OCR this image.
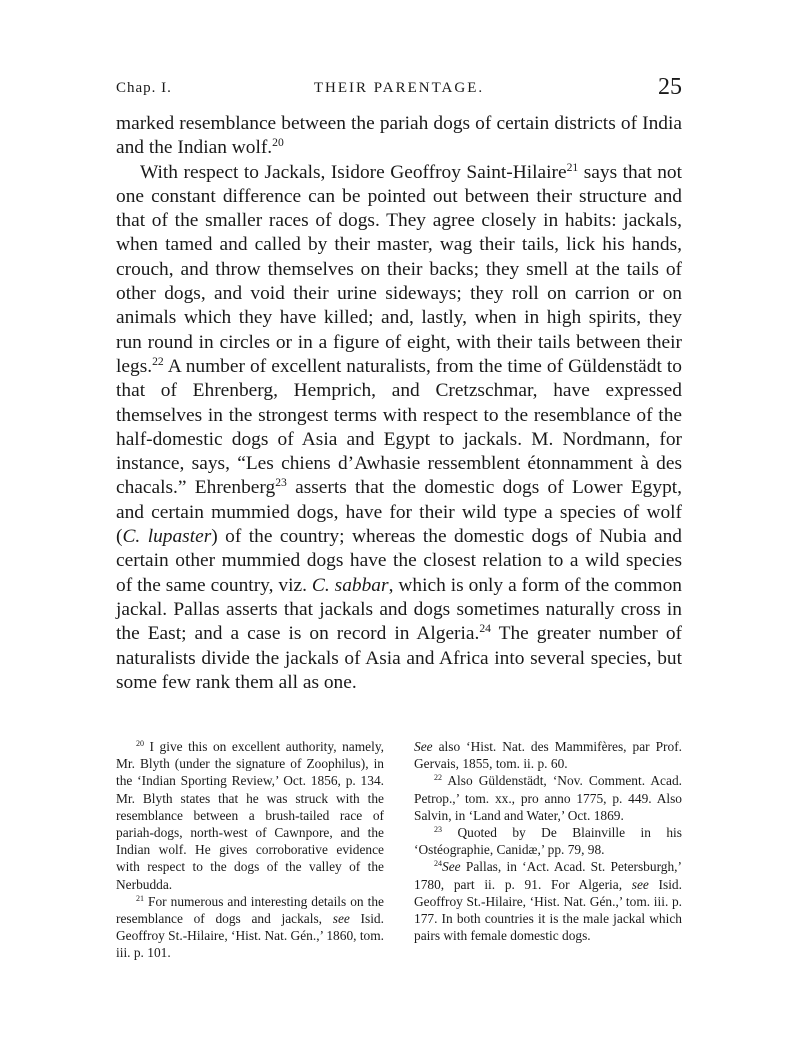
Chap. I.	THEIR PARENTAGE.	25

marked resemblance between the pariah dogs of certain districts of India and the Indian wolf.$^{20}$

With respect to Jackals, Isidore Geoffroy Saint-Hilaire$^{21}$ says that not one constant difference can be pointed out between their structure and that of the smaller races of dogs. They agree closely in habits: jackals, when tamed and called by their master, wag their tails, lick his hands, crouch, and throw themselves on their backs; they smell at the tails of other dogs, and void their urine sideways; they roll on carrion or on animals which they have killed; and, lastly, when in high spirits, they run round in circles or in a figure of eight, with their tails between their legs.$^{22}$ A number of excellent naturalists, from the time of Güldenstädt to that of Ehrenberg, Hemprich, and Cretzschmar, have expressed themselves in the strongest terms with respect to the resemblance of the half-domestic dogs of Asia and Egypt to jackals. M. Nordmann, for instance, says, “Les chiens d’Awhasie ressemblent étonnamment à des chacals.” Ehrenberg$^{23}$ asserts that the domestic dogs of Lower Egypt, and certain mummied dogs, have for their wild type a species of wolf (C. lupaster) of the country; whereas the domestic dogs of Nubia and certain other mummied dogs have the closest relation to a wild species of the same country, viz. C. sabbar, which is only a form of the common jackal. Pallas asserts that jackals and dogs sometimes naturally cross in the East; and a case is on record in Algeria.$^{24}$ The greater number of naturalists divide the jackals of Asia and Africa into several species, but some few rank them all as one.

$^{20}$ I give this on excellent authority, namely, Mr. Blyth (under the signature of Zoophilus), in the ‘Indian Sporting Review,’ Oct. 1856, p. 134. Mr. Blyth states that he was struck with the resemblance between a brush-tailed race of pariah-dogs, north-west of Cawnpore, and the Indian wolf. He gives corroborative evidence with respect to the dogs of the valley of the Nerbudda.

$^{21}$ For numerous and interesting details on the resemblance of dogs and jackals, see Isid. Geoffroy St.-Hilaire, ‘Hist. Nat. Gén.,’ 1860, tom. iii. p. 101.

See also ‘Hist. Nat. des Mammifères, par Prof. Gervais, 1855, tom. ii. p. 60.

$^{22}$ Also Güldenstädt, ‘Nov. Comment. Acad. Petrop.,’ tom. xx., pro anno 1775, p. 449. Also Salvin, in ‘Land and Water,’ Oct. 1869.

$^{23}$ Quoted by De Blainville in his ‘Ostéographie, Canidæ,’ pp. 79, 98.

$^{24}$See Pallas, in ‘Act. Acad. St. Petersburgh,’ 1780, part ii. p. 91. For Algeria, see Isid. Geoffroy St.-Hilaire, ‘Hist. Nat. Gén.,’ tom. iii. p. 177. In both countries it is the male jackal which pairs with female domestic dogs.
